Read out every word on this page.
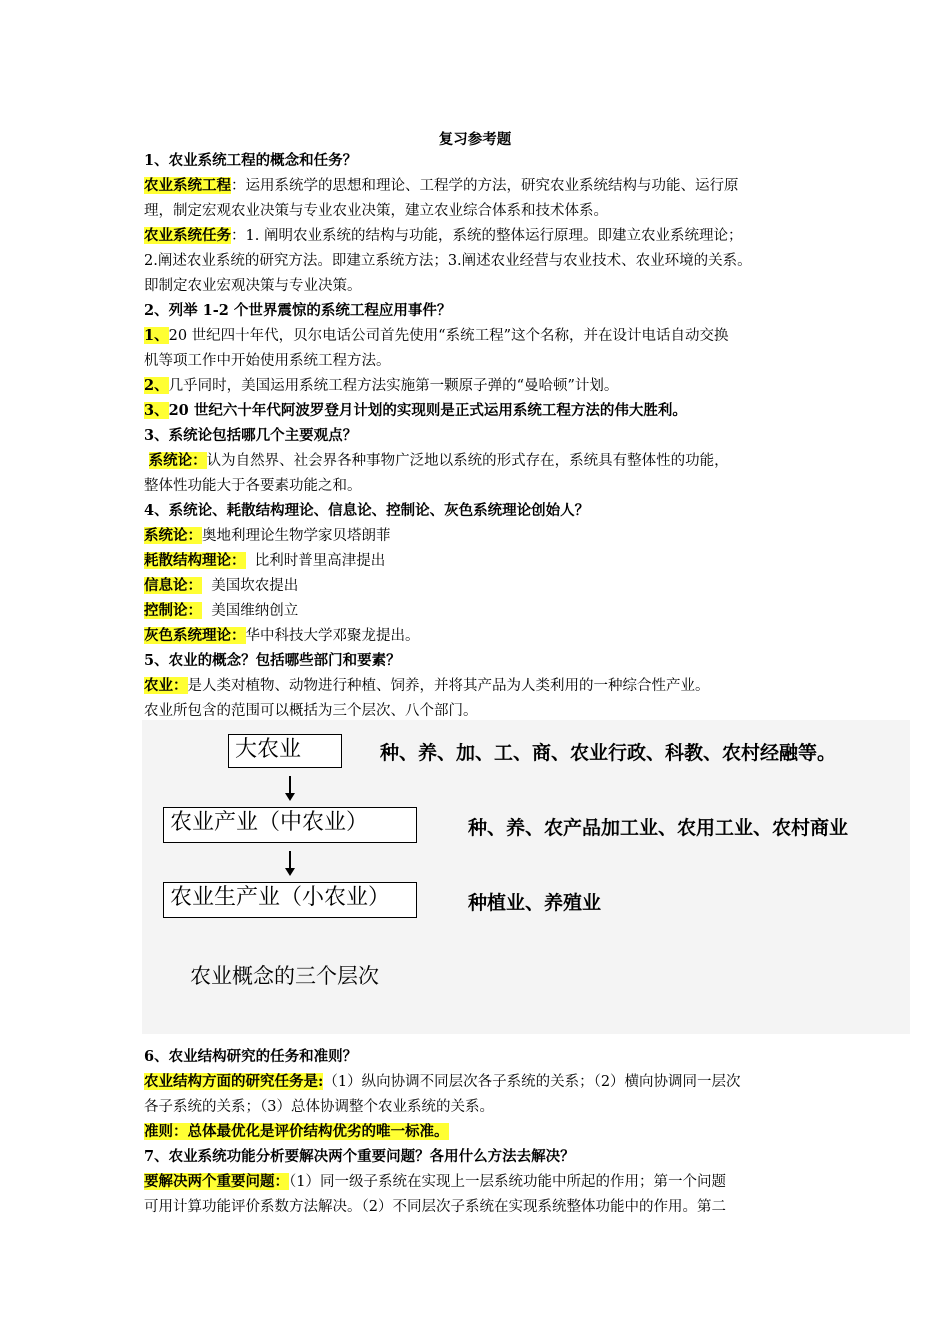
复习参考题
1、农业系统工程的概念和任务？
农业系统工程：运用系统学的思想和理论、工程学的方法，研究农业系统结构与功能、运行原
理，制定宏观农业决策与专业农业决策，建立农业综合体系和技术体系。
农业系统任务：1. 阐明农业系统的结构与功能，系统的整体运行原理。即建立农业系统理论；
2.阐述农业系统的研究方法。即建立系统方法；3.阐述农业经营与农业技术、农业环境的关系。
即制定农业宏观决策与专业决策。
2、列举 1-2 个世界震惊的系统工程应用事件？
1、20 世纪四十年代，贝尔电话公司首先使用“系统工程”这个名称，并在设计电话自动交换
机等项工作中开始使用系统工程方法。
2、几乎同时，美国运用系统工程方法实施第一颗原子弹的“曼哈顿”计划。
3、20 世纪六十年代阿波罗登月计划的实现则是正式运用系统工程方法的伟大胜利。
3、系统论包括哪几个主要观点？
系统论：认为自然界、社会界各种事物广泛地以系统的形式存在，系统具有整体性的功能，
整体性功能大于各要素功能之和。
4、系统论、耗散结构理论、信息论、控制论、灰色系统理论创始人？
系统论：奥地利理论生物学家贝塔朗菲
耗散结构理论：  比利时普里高津提出
信息论：  美国坎农提出
控制论：  美国维纳创立
灰色系统理论：华中科技大学邓聚龙提出。
5、农业的概念？包括哪些部门和要素？
农业：是人类对植物、动物进行种植、饲养，并将其产品为人类利用的一种综合性产业。
农业所包含的范围可以概括为三个层次、八个部门。
大农业	种、养、加、工、商、农业行政、科教、农村经融等。
农业产业（中农业）	种、养、农产品加工业、农用工业、农村商业
农业生产业（小农业）	种植业、养殖业
农业概念的三个层次
6、农业结构研究的任务和准则？
农业结构方面的研究任务是:（1）纵向协调不同层次各子系统的关系；（2）横向协调同一层次
各子系统的关系；（3）总体协调整个农业系统的关系。
准则：总体最优化是评价结构优劣的唯一标准。
7、农业系统功能分析要解决两个重要问题？各用什么方法去解决？
要解决两个重要问题：（1）同一级子系统在实现上一层系统功能中所起的作用；第一个问题
可用计算功能评价系数方法解决。（2）不同层次子系统在实现系统整体功能中的作用。第二
